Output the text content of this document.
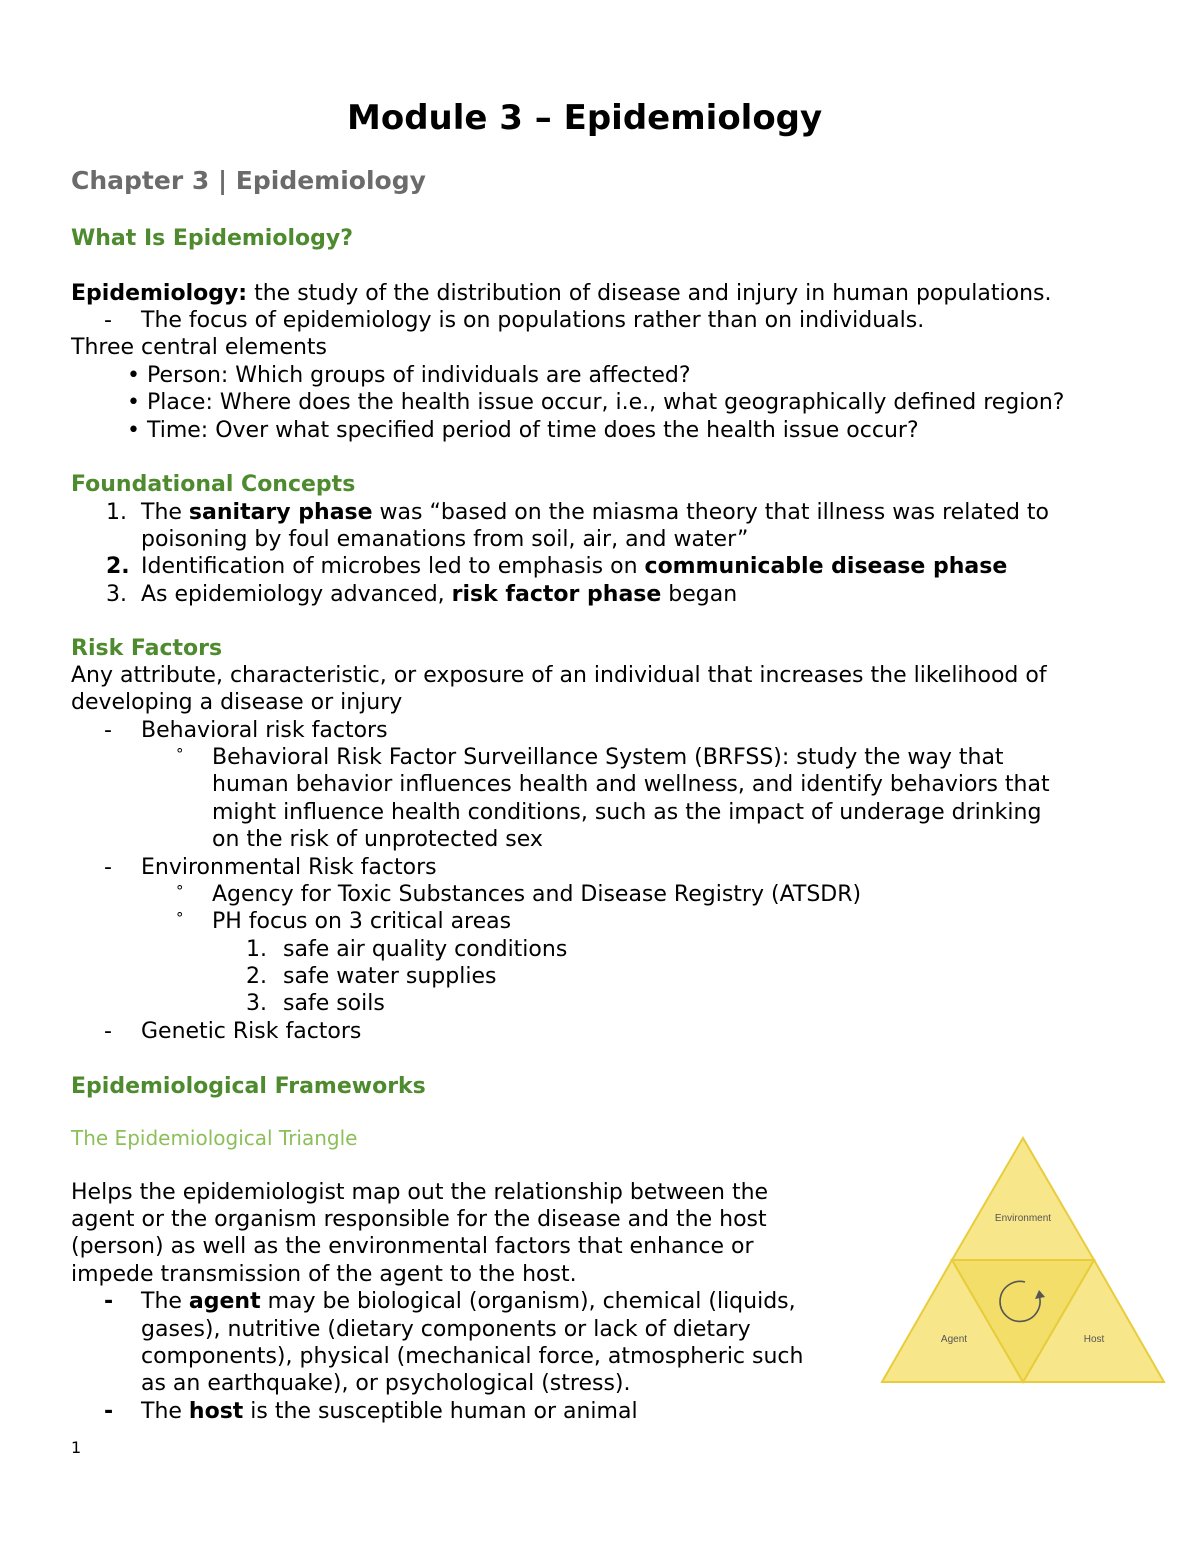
Module 3 – Epidemiology
Chapter 3 | Epidemiology
What Is Epidemiology?
Epidemiology: the study of the distribution of disease and injury in human populations.
- The focus of epidemiology is on populations rather than on individuals.
Three central elements
• Person: Which groups of individuals are affected?
• Place: Where does the health issue occur, i.e., what geographically defined region?
• Time: Over what specified period of time does the health issue occur?
Foundational Concepts
1. The sanitary phase was “based on the miasma theory that illness was related to
poisoning by foul emanations from soil, air, and water”
2. Identification of microbes led to emphasis on communicable disease phase
3. As epidemiology advanced, risk factor phase began
Risk Factors
Any attribute, characteristic, or exposure of an individual that increases the likelihood of
developing a disease or injury
- Behavioral risk factors
° Behavioral Risk Factor Surveillance System (BRFSS): study the way that
human behavior influences health and wellness, and identify behaviors that
might influence health conditions, such as the impact of underage drinking
on the risk of unprotected sex
- Environmental Risk factors
° Agency for Toxic Substances and Disease Registry (ATSDR)
° PH focus on 3 critical areas
1. safe air quality conditions
2. safe water supplies
3. safe soils
- Genetic Risk factors
Epidemiological Frameworks
The Epidemiological Triangle
Helps the epidemiologist map out the relationship between the
agent or the organism responsible for the disease and the host
(person) as well as the environmental factors that enhance or
impede transmission of the agent to the host.
- The agent may be biological (organism), chemical (liquids,
gases), nutritive (dietary components or lack of dietary
components), physical (mechanical force, atmospheric such
as an earthquake), or psychological (stress).
- The host is the susceptible human or animal
Environment
Agent	Host
1
